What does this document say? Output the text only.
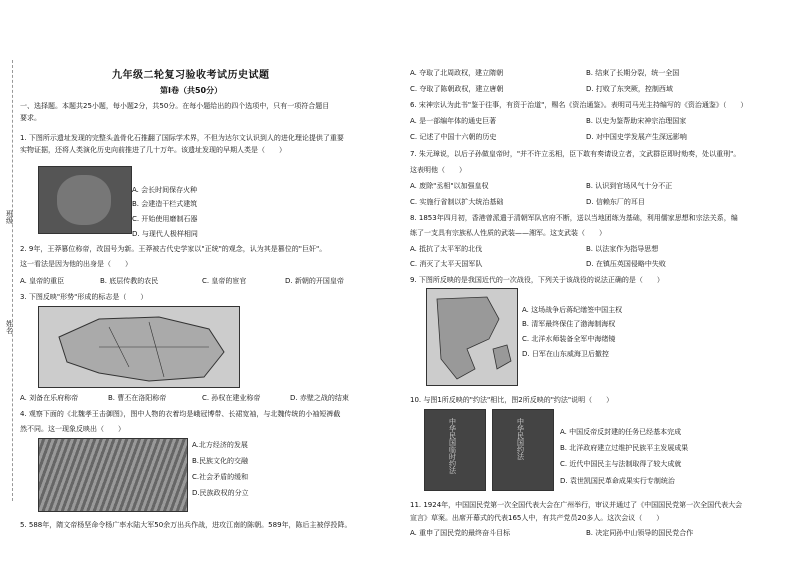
班级
姓名
九年级二轮复习验收考试历史试题
第Ⅰ卷（共50分）
一、选择题。本题共25小题，每小题2分，共50分。在每小题给出的四个选项中，只有一项符合题目
要求。
1. 下图所示遗址发现的完整头盖骨化石推翻了国际学术界，不但为达尔文认识到人的进化理论提供了重要
实物证据，还将人类演化历史向前推进了几十万年。该遗址发现的早期人类是（　　）
A. 会长时间保存火种
B. 会建造干栏式建筑
C. 开始使用磨制石器
D. 与现代人极样相同
2. 9年，王莽篡位称帝，改国号为新。王莽被古代史学家以"正统"的观念，认为其是篡位的"巨奸"。
这一看法是因为他的出身是（　　）
A. 皇帝的重臣	B. 底层传教的农民	C. 皇帝的宦官	D. 新朝的开国皇帝
3. 下图反映"形势"形成的标志是（　　）
A. 刘备在乐府称帝	B. 曹丕在洛阳称帝	C. 孙权在建业称帝	D. 赤壁之战的结束
4. 观察下面的《北魏孝王击御图》，图中人物的衣着均是峨冠博带、长裙宽袖，与北魏传统的小袖短裤截
然不同。这一现象反映出（　　）
A.北方经济的发展
B.民族文化的交融
C.社会矛盾的缓和
D.民族政权的分立
5. 588年，隋文帝杨坚命令杨广率水陆大军50余万出兵作战，进攻江南的陈朝。589年，陈后主被俘投降。
A. 夺取了北周政权，建立隋朝	B. 结束了长期分裂，统一全国
C. 夺取了陈朝政权，建立唐朝	D. 打败了东突厥，控制西域
6. 宋神宗认为此书"鉴于往事，有资于治道"，赐名《资治通鉴》。表明司马光主持编写的《资治通鉴》（　　）
A. 是一部编年体的通史巨著	B. 以史为鉴帮助宋神宗治理国家
C. 记述了中国十六朝的历史	D. 对中国史学发展产生深远影响
7. 朱元璋说，以后子孙做皇帝时，"并不许立丞相，臣下敢有奏请设立者，文武群臣即时劾奏，处以重刑"。
这表明他（　　）
A. 废除"丞相"以加强皇权	B. 认识到官场风气十分不正
C. 实施行省制以扩大统治基础	D. 信赖东厂的耳目
8. 1853年四月初，香港曾派遣于清朝军队官府不断，送以当地团练为基础，利用儒家思想和宗法关系，编
练了一支具有宗族私人性质的武装——湘军。这支武装（　　）
A. 抵抗了太平军的北伐	B. 以法家作为指导思想
C. 消灭了太平天国军队	D. 在镇压英国侵略中失败
9. 下图所反映的是我国近代的一次战役，下列关于该战役的说法正确的是（　　）
A. 这场战争后蒋纪缮签中国主权
B. 清军最终保住了渤海制海权
C. 北洋水师装备全军中海绪镜
D. 日军在山东威海卫后撤控
10. 与图1所反映的"约法"相比，图2所反映的"约法"说明（　　）
中华民国临时约法	中华民国约法	A. 中国反帝反封建的任务已经基本完成
B. 北洋政府建立过维护民族平主发展成果
C. 近代中国民主与法制取得了较大成就
D. 袁世凯国民革命成果实行专制统治
11. 1924年，中国国民党第一次全国代表大会在广州举行，审议并通过了《中国国民党第一次全国代表大会
宣言》草案。出席开幕式的代表165人中，有共产党员20多人。这次会议（　　）
A. 重申了国民党的最终奋斗目标	B. 决定同孙中山领导的国民党合作
